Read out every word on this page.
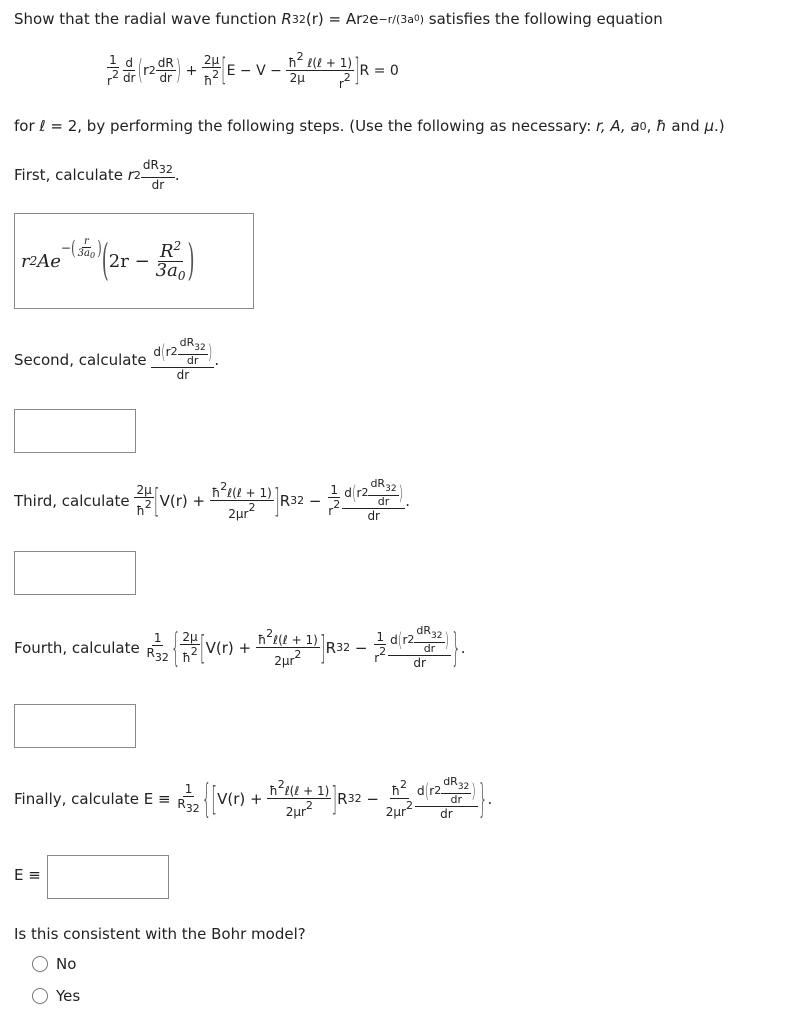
Show that the radial wave function
R 32 (r) = Ar 2 e −r/(3a 0 )
satisfies the following equation
$\frac{1}{r2} \frac{d}{dr}$ ( r $2 \frac{dR}{dr}$ )
+
$\frac{2\mu}{ħ2}$ [ E − V −
ħ2 ℓ(ℓ + 1)
2μ	r2 ] R = 0
for
ℓ
= 2, by performing the following steps. (Use the following as necessary:
r, A, a 0 ,
ħ
and
μ .)
First, calculate
r $2 \frac{dR32}{dr}$ .
r 2 Ae
− ( $\frac{r}{3a_0}$ ) ( $2r - \frac{R^2}{3a_0}$ )
Second, calculate
$\frac{d ( r 2 \frac{dR_{32}}{dr} )}{dr}$ .
Third, calculate
$\frac{2\mu}{ħ2}$ [ V(r) +
$\frac{\text{ħ2ℓ(ℓ + 1)}}{2\mu r2}$ ] R 32
−
$\frac{1}{r2} \frac{d ( r 2 \frac{dR_{32}}{dr} )}{dr}$ .
Fourth, calculate
$\frac{1}{R32}$ { $\frac{2\mu}{ħ2}$ [ V(r) +
$\frac{\text{ħ2ℓ(ℓ + 1)}}{2\mu r2}$ ] R 32
−
$\frac{1}{r2} \frac{d ( r 2 \frac{dR_{32}}{dr} )}{dr}$ } .
Finally, calculate E ≡
$\frac{1}{R32}$ { [ V(r) +
$\frac{\text{ħ2ℓ(ℓ + 1)}}{2\mu r2}$ ] R 32
−
$\frac{ħ2}{2\mu r2} \frac{d ( r 2 \frac{dR_{32}}{dr} )}{dr}$ } .
E ≡
Is this consistent with the Bohr model?
No
Yes
